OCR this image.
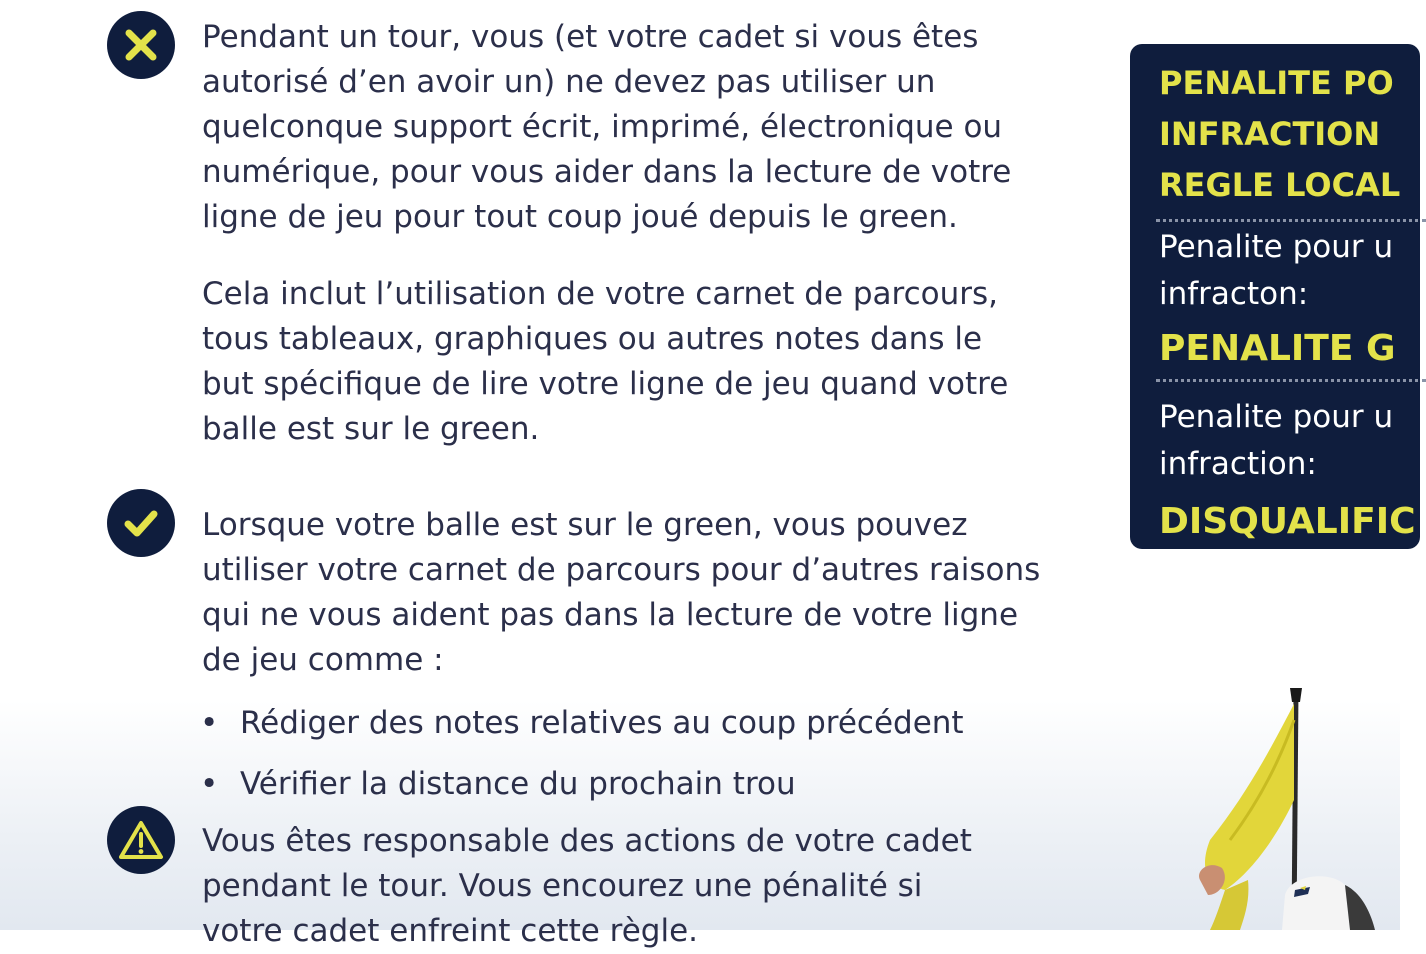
Pendant un tour, vous (et votre cadet si vous êtes
autorisé d’en avoir un) ne devez pas utiliser un
quelconque support écrit, imprimé, électronique ou
numérique, pour vous aider dans la lecture de votre
ligne de jeu pour tout coup joué depuis le green.
Cela inclut l’utilisation de votre carnet de parcours,
tous tableaux, graphiques ou autres notes dans le
but spécifique de lire votre ligne de jeu quand votre
balle est sur le green.
Lorsque votre balle est sur le green, vous pouvez
utiliser votre carnet de parcours pour d’autres raisons
qui ne vous aident pas dans la lecture de votre ligne
de jeu comme :
• Rédiger des notes relatives au coup précédent
• Vérifier la distance du prochain trou
Vous êtes responsable des actions de votre cadet
pendant le tour. Vous encourez une pénalité si
votre cadet enfreint cette règle.
PENALITE PO
INFRACTION
REGLE LOCAL
Penalite pour u
infracton:
PENALITE G
Penalite pour u
infraction:
DISQUALIFIC
